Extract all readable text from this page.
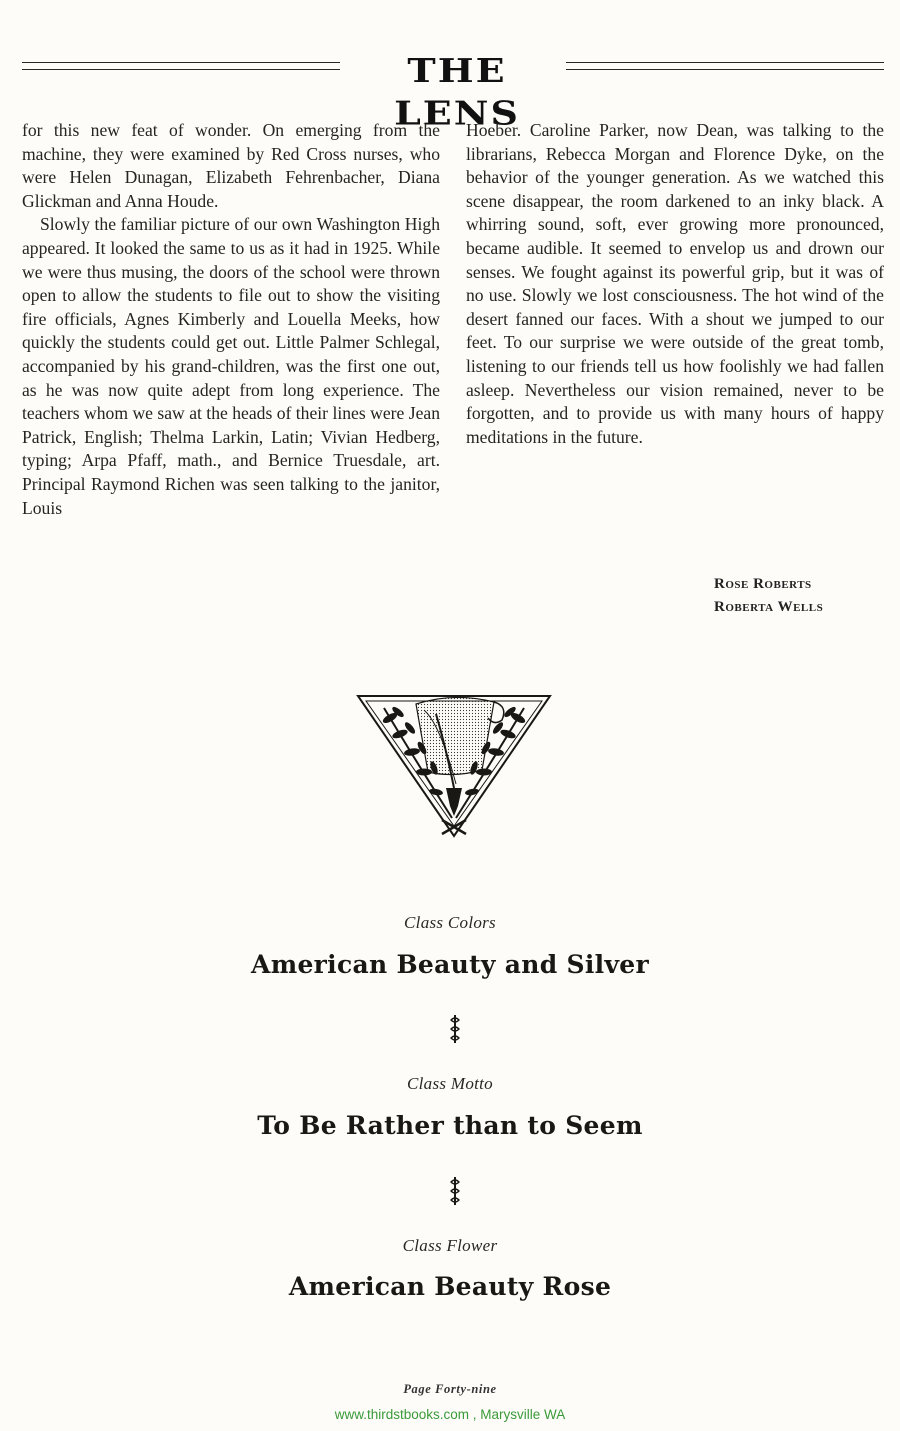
THE LENS

for this new feat of wonder. On emerging from the machine, they were examined by Red Cross nurses, who were Helen Dunagan, Elizabeth Fehrenbacher, Diana Glickman and Anna Houde.

Slowly the familiar picture of our own Washington High appeared. It looked the same to us as it had in 1925. While we were thus musing, the doors of the school were thrown open to allow the students to file out to show the visiting fire officials, Agnes Kimberly and Louella Meeks, how quickly the students could get out. Little Palmer Schlegal, accompanied by his grand-children, was the first one out, as he was now quite adept from long experience. The teachers whom we saw at the heads of their lines were Jean Patrick, English; Thelma Larkin, Latin; Vivian Hedberg, typing; Arpa Pfaff, math., and Bernice Truesdale, art. Principal Raymond Richen was seen talking to the janitor, Louis

Hoeber. Caroline Parker, now Dean, was talking to the librarians, Rebecca Morgan and Florence Dyke, on the behavior of the younger generation. As we watched this scene disappear, the room darkened to an inky black. A whirring sound, soft, ever growing more pronounced, became audible. It seemed to envelop us and drown our senses. We fought against its powerful grip, but it was of no use. Slowly we lost consciousness. The hot wind of the desert fanned our faces. With a shout we jumped to our feet. To our surprise we were outside of the great tomb, listening to our friends tell us how foolishly we had fallen asleep. Nevertheless our vision remained, never to be forgotten, and to provide us with many hours of happy meditations in the future.

Rose Roberts
Roberta Wells
Class Colors
American Beauty and Silver
Class Motto
To Be Rather than to Seem
Class Flower
American Beauty Rose
Page Forty-nine
www.thirdstbooks.com , Marysville WA
